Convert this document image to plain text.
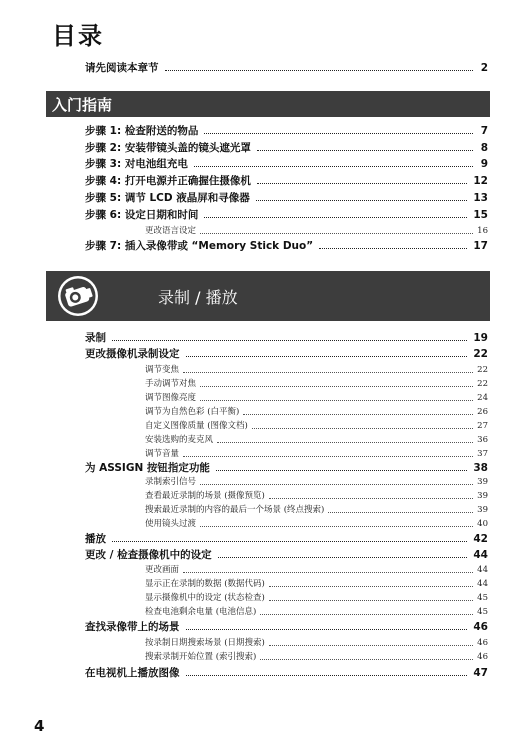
目录
请先阅读本章节	2
入门指南
步骤 1: 检查附送的物品	7
步骤 2: 安装带镜头盖的镜头遮光罩	8
步骤 3: 对电池组充电	9
步骤 4: 打开电源并正确握住摄像机	12
步骤 5: 调节 LCD 液晶屏和寻像器	13
步骤 6: 设定日期和时间	15
更改语言设定	16
步骤 7: 插入录像带或 “Memory Stick Duo”	17
录制 / 播放
录制	19
更改摄像机录制设定	22
调节变焦	22
手动调节对焦	22
调节图像亮度	24
调节为自然色彩 (白平衡)	26
自定义图像质量 (图像文档)	27
安装选购的麦克风	36
调节音量	37
为 ASSIGN 按钮指定功能	38
录制索引信号	39
查看最近录制的场景 (摄像预览)	39
搜索最近录制的内容的最后一个场景 (终点搜索)	39
使用镜头过渡	40
播放	42
更改 / 检查摄像机中的设定	44
更改画面	44
显示正在录制的数据 (数据代码)	44
显示摄像机中的设定 (状态检查)	45
检查电池剩余电量 (电池信息)	45
查找录像带上的场景	46
按录制日期搜索场景 (日期搜索)	46
搜索录制开始位置 (索引搜索)	46
在电视机上播放图像	47
4
